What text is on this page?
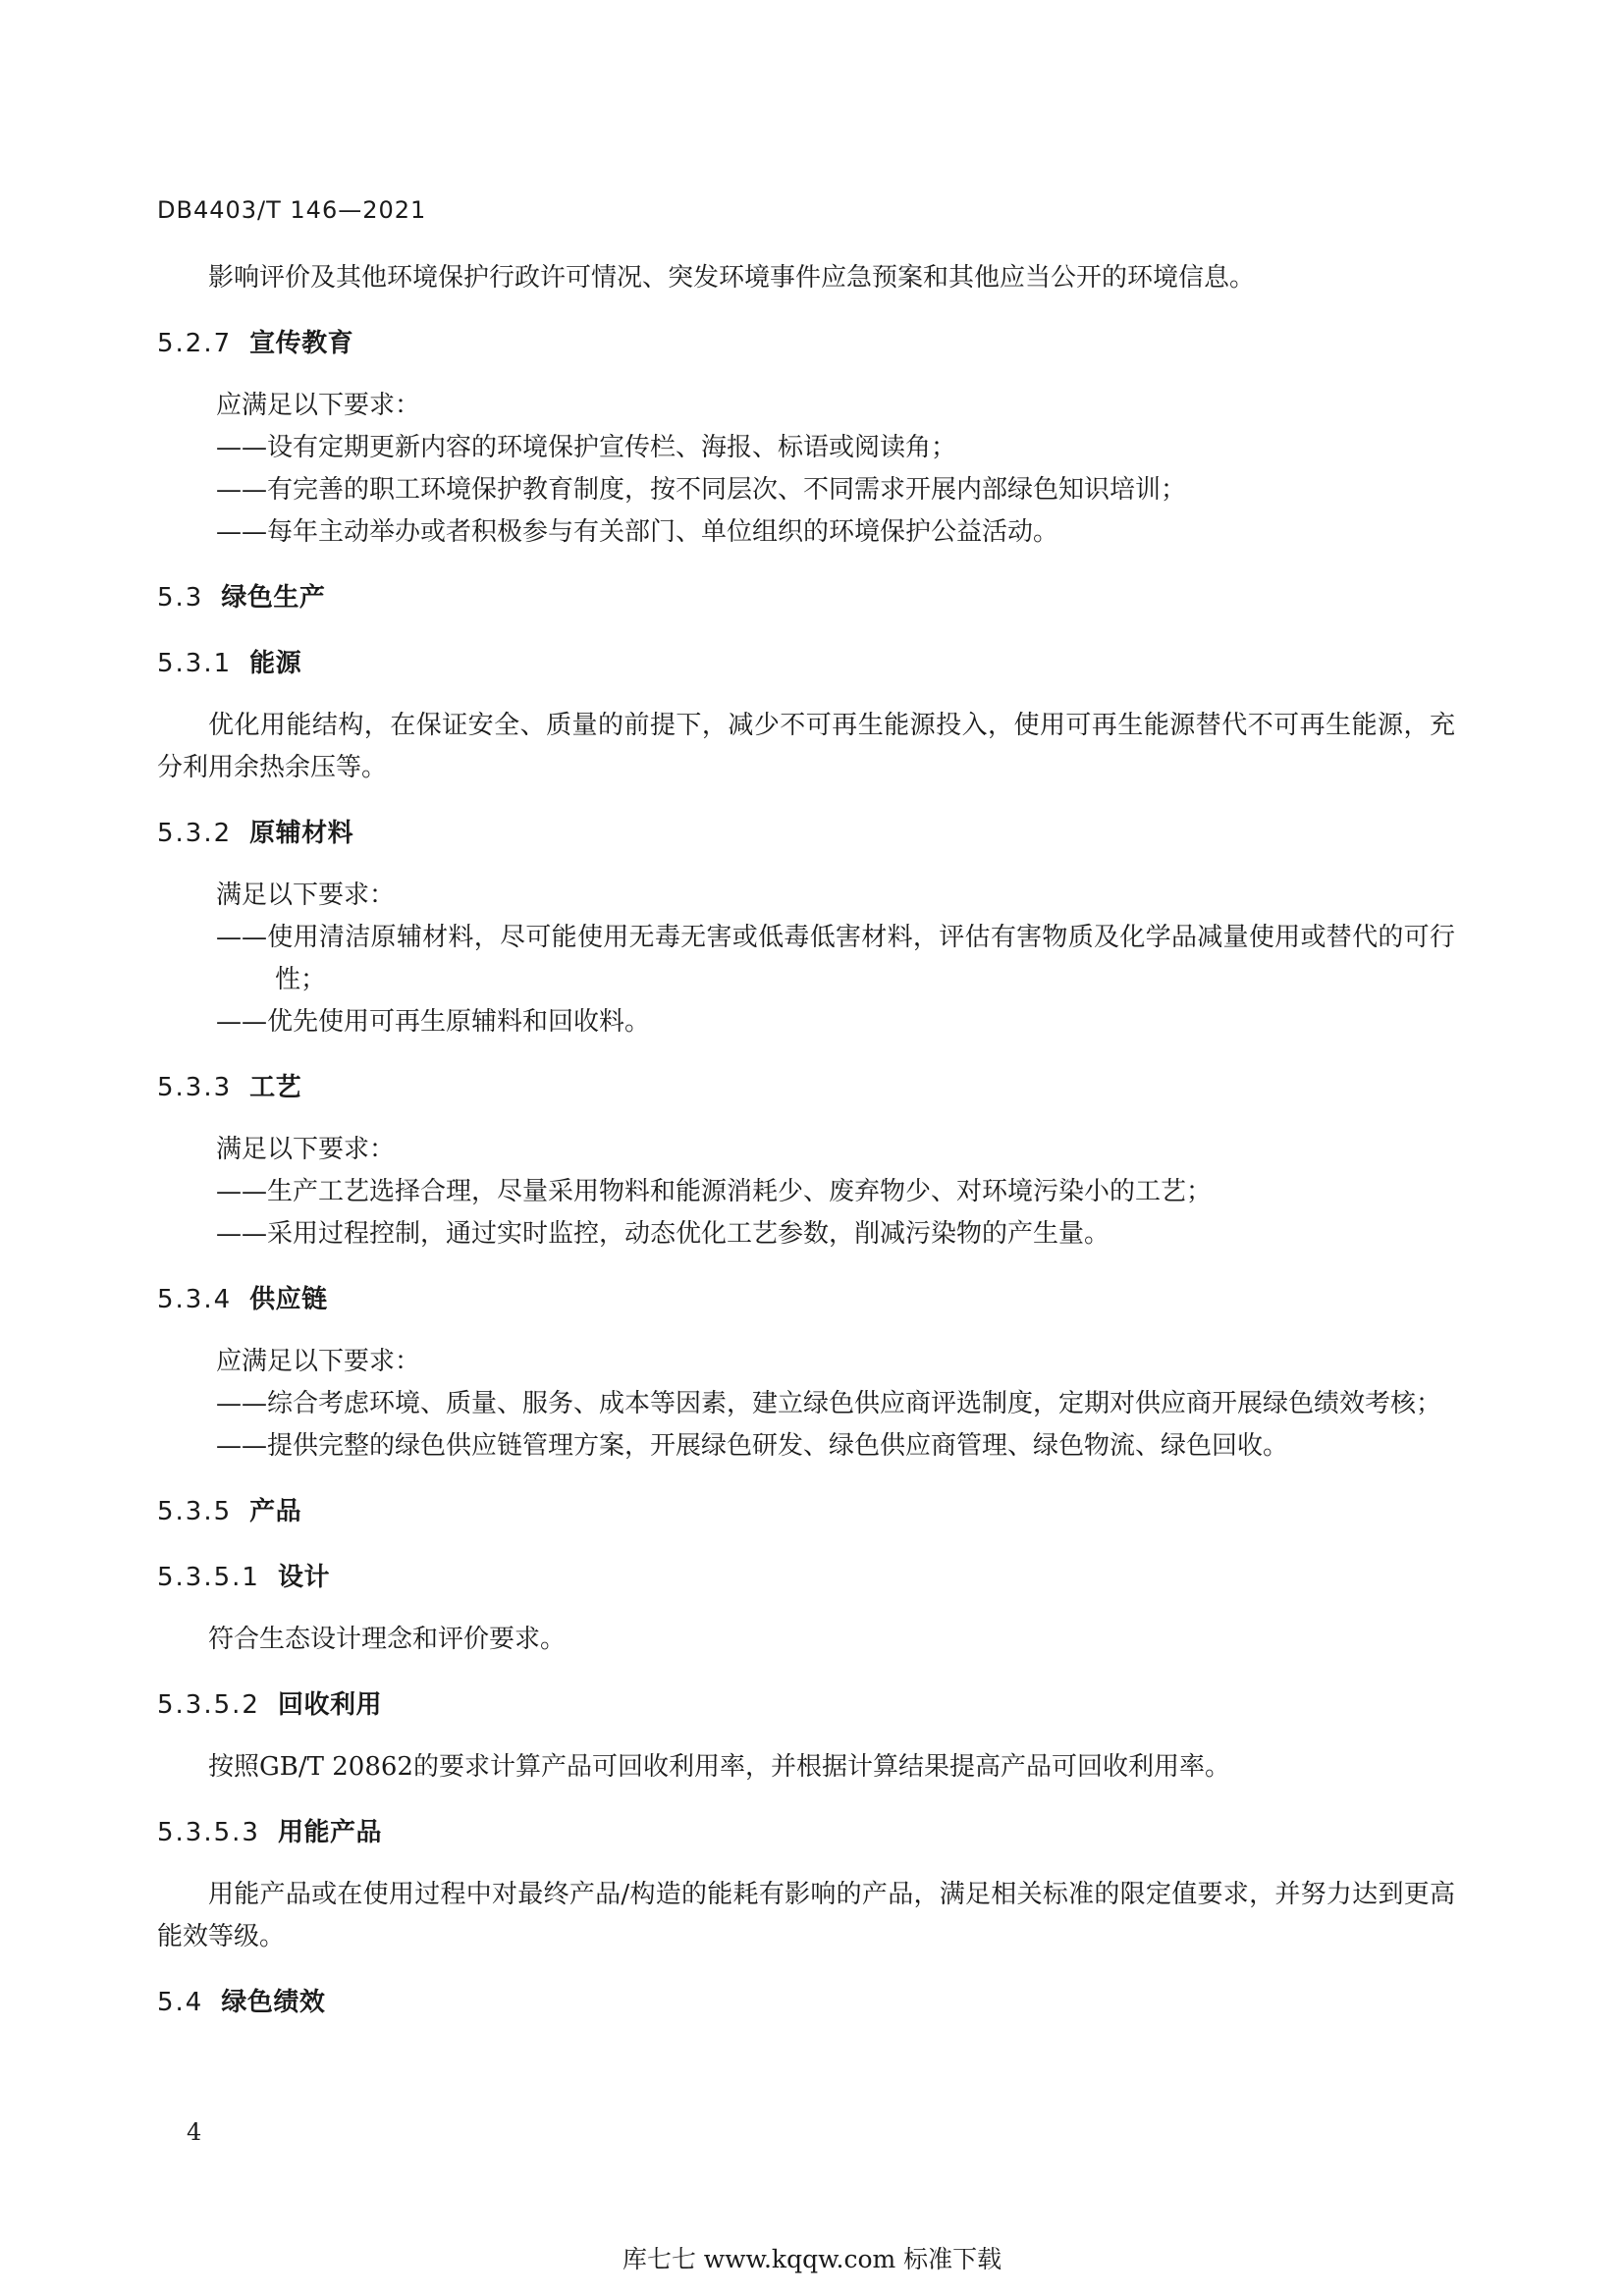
DB4403/T 146—2021

影响评价及其他环境保护行政许可情况、突发环境事件应急预案和其他应当公开的环境信息。

5.2.7 宣传教育

应满足以下要求：

——设有定期更新内容的环境保护宣传栏、海报、标语或阅读角；

——有完善的职工环境保护教育制度，按不同层次、不同需求开展内部绿色知识培训；

——每年主动举办或者积极参与有关部门、单位组织的环境保护公益活动。

5.3 绿色生产

5.3.1 能源

优化用能结构，在保证安全、质量的前提下，减少不可再生能源投入，使用可再生能源替代不可再生能源，充分利用余热余压等。

5.3.2 原辅材料

满足以下要求：

——使用清洁原辅材料，尽可能使用无毒无害或低毒低害材料，评估有害物质及化学品减量使用或替代的可行性；

——优先使用可再生原辅料和回收料。

5.3.3 工艺

满足以下要求：

——生产工艺选择合理，尽量采用物料和能源消耗少、废弃物少、对环境污染小的工艺；

——采用过程控制，通过实时监控，动态优化工艺参数，削减污染物的产生量。

5.3.4 供应链

应满足以下要求：

——综合考虑环境、质量、服务、成本等因素，建立绿色供应商评选制度，定期对供应商开展绿色绩效考核；

——提供完整的绿色供应链管理方案，开展绿色研发、绿色供应商管理、绿色物流、绿色回收。

5.3.5 产品

5.3.5.1 设计

符合生态设计理念和评价要求。

5.3.5.2 回收利用

按照GB/T 20862的要求计算产品可回收利用率，并根据计算结果提高产品可回收利用率。

5.3.5.3 用能产品

用能产品或在使用过程中对最终产品/构造的能耗有影响的产品，满足相关标准的限定值要求，并努力达到更高能效等级。

5.4 绿色绩效

4
库七七 www.kqqw.com 标准下载
